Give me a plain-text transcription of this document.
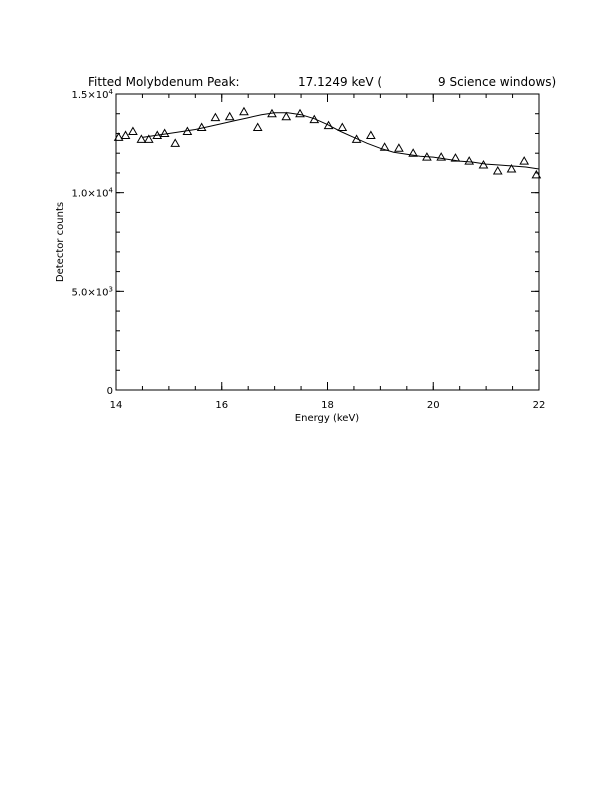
Fitted Molybdenum Peak:	17.1249 keV (	9 Science windows)
14	16	18	20	22
0
$5.0\times 10^3$
$1.0\times 10^4$
$1.5\times 10^4$
Energy (keV)
Detector counts
